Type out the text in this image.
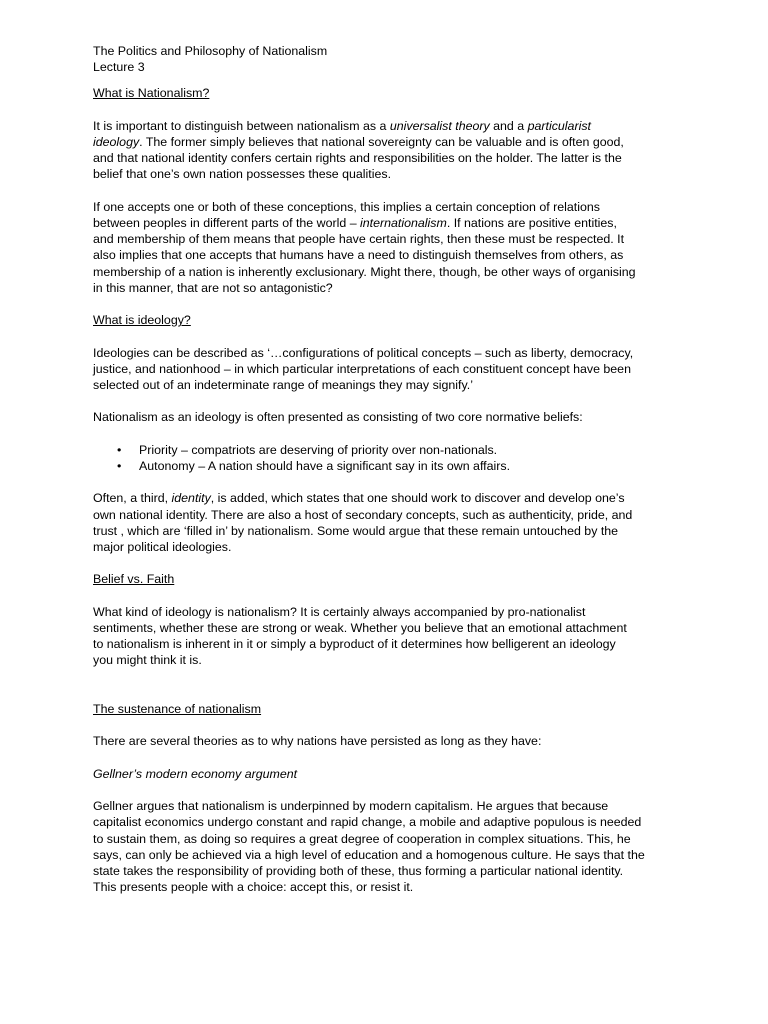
The Politics and Philosophy of Nationalism
Lecture 3
What is Nationalism?
It is important to distinguish between nationalism as a universalist theory and a particularist
ideology. The former simply believes that national sovereignty can be valuable and is often good,
and that national identity confers certain rights and responsibilities on the holder. The latter is the
belief that one’s own nation possesses these qualities.
If one accepts one or both of these conceptions, this implies a certain conception of relations
between peoples in different parts of the world – internationalism. If nations are positive entities,
and membership of them means that people have certain rights, then these must be respected. It
also implies that one accepts that humans have a need to distinguish themselves from others, as
membership of a nation is inherently exclusionary. Might there, though, be other ways of organising
in this manner, that are not so antagonistic?
What is ideology?
Ideologies can be described as ‘…configurations of political concepts – such as liberty, democracy,
justice, and nationhood – in which particular interpretations of each constituent concept have been
selected out of an indeterminate range of meanings they may signify.’
Nationalism as an ideology is often presented as consisting of two core normative beliefs:
• Priority – compatriots are deserving of priority over non-nationals.
• Autonomy – A nation should have a significant say in its own affairs.
Often, a third, identity, is added, which states that one should work to discover and develop one’s
own national identity. There are also a host of secondary concepts, such as authenticity, pride, and
trust , which are ‘filled in’ by nationalism. Some would argue that these remain untouched by the
major political ideologies.
Belief vs. Faith
What kind of ideology is nationalism? It is certainly always accompanied by pro-nationalist
sentiments, whether these are strong or weak. Whether you believe that an emotional attachment
to nationalism is inherent in it or simply a byproduct of it determines how belligerent an ideology
you might think it is.
The sustenance of nationalism
There are several theories as to why nations have persisted as long as they have:
Gellner’s modern economy argument
Gellner argues that nationalism is underpinned by modern capitalism. He argues that because
capitalist economics undergo constant and rapid change, a mobile and adaptive populous is needed
to sustain them, as doing so requires a great degree of cooperation in complex situations. This, he
says, can only be achieved via a high level of education and a homogenous culture. He says that the
state takes the responsibility of providing both of these, thus forming a particular national identity.
This presents people with a choice: accept this, or resist it.
